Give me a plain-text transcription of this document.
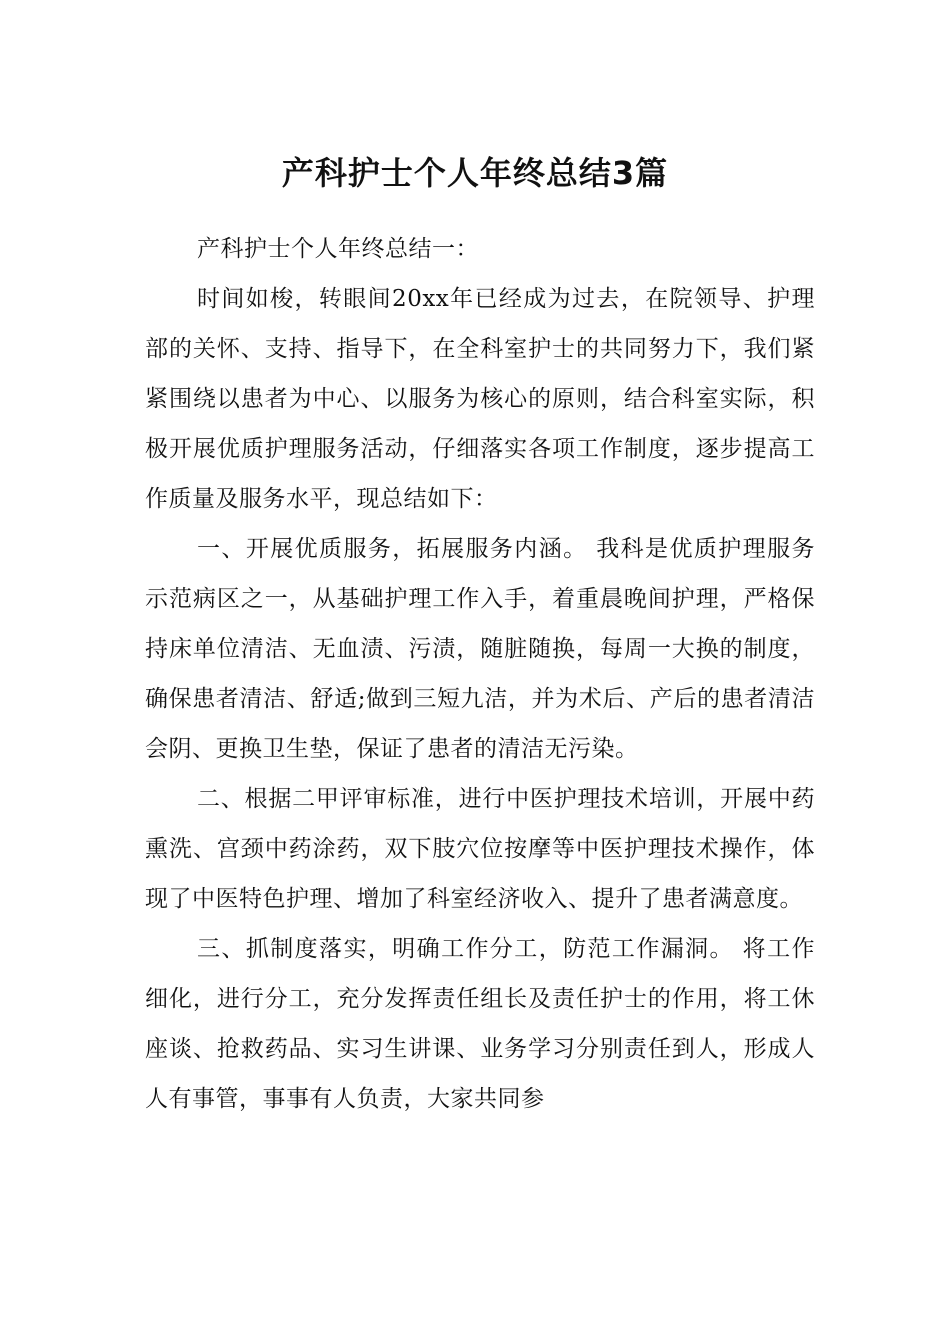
产科护士个人年终总结3篇

产科护士个人年终总结一：

时间如梭，转眼间20xx年已经成为过去，在院领导、护理部的关怀、支持、指导下，在全科室护士的共同努力下，我们紧紧围绕以患者为中心、以服务为核心的原则，结合科室实际，积极开展优质护理服务活动，仔细落实各项工作制度，逐步提高工作质量及服务水平，现总结如下：

一、开展优质服务，拓展服务内涵。 我科是优质护理服务示范病区之一，从基础护理工作入手，着重晨晚间护理，严格保持床单位清洁、无血渍、污渍，随脏随换，每周一大换的制度，确保患者清洁、舒适;做到三短九洁，并为术后、产后的患者清洁会阴、更换卫生垫，保证了患者的清洁无污染。

二、根据二甲评审标准，进行中医护理技术培训，开展中药熏洗、宫颈中药涂药，双下肢穴位按摩等中医护理技术操作，体现了中医特色护理、增加了科室经济收入、提升了患者满意度。

三、抓制度落实，明确工作分工，防范工作漏洞。 将工作细化，进行分工，充分发挥责任组长及责任护士的作用，将工休座谈、抢救药品、实习生讲课、业务学习分别责任到人，形成人人有事管，事事有人负责，大家共同参
